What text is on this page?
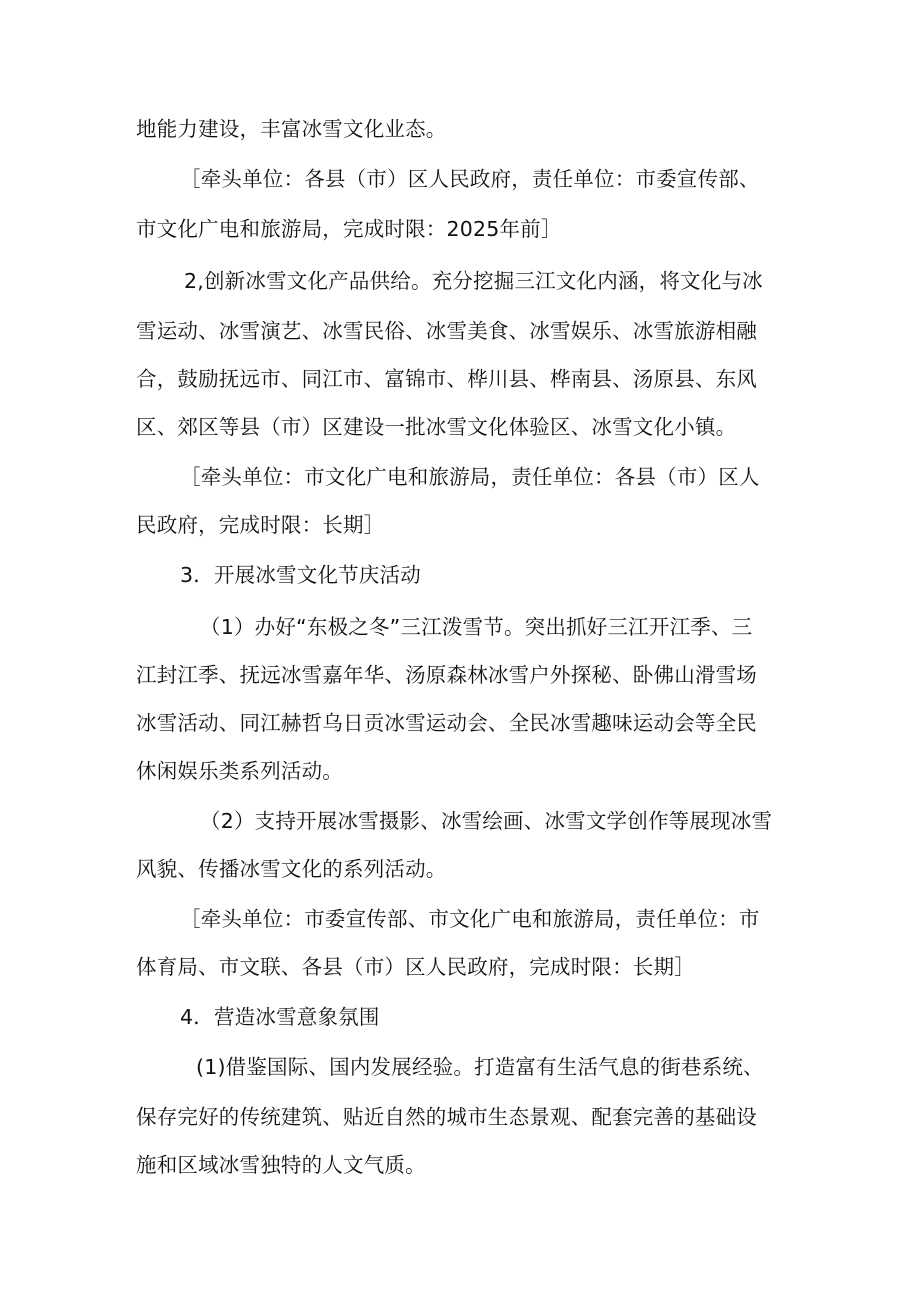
地能力建设，丰富冰雪文化业态。
［牵头单位：各县（市）区人民政府，责任单位：市委宣传部、
市文化广电和旅游局，完成时限：2025年前］
2,创新冰雪文化产品供给。充分挖掘三江文化内涵，将文化与冰
雪运动、冰雪演艺、冰雪民俗、冰雪美食、冰雪娱乐、冰雪旅游相融
合，鼓励抚远市、同江市、富锦市、桦川县、桦南县、汤原县、东风
区、郊区等县（市）区建设一批冰雪文化体验区、冰雪文化小镇。
［牵头单位：市文化广电和旅游局，责任单位：各县（市）区人
民政府，完成时限：长期］
3．开展冰雪文化节庆活动
（1）办好“东极之冬”三江泼雪节。突出抓好三江开江季、三
江封江季、抚远冰雪嘉年华、汤原森林冰雪户外探秘、卧佛山滑雪场
冰雪活动、同江赫哲乌日贡冰雪运动会、全民冰雪趣味运动会等全民
休闲娱乐类系列活动。
（2）支持开展冰雪摄影、冰雪绘画、冰雪文学创作等展现冰雪
风貌、传播冰雪文化的系列活动。
［牵头单位：市委宣传部、市文化广电和旅游局，责任单位：市
体育局、市文联、各县（市）区人民政府，完成时限：长期］
4．营造冰雪意象氛围
(1)借鉴国际、国内发展经验。打造富有生活气息的街巷系统、
保存完好的传统建筑、贴近自然的城市生态景观、配套完善的基础设
施和区域冰雪独特的人文气质。
